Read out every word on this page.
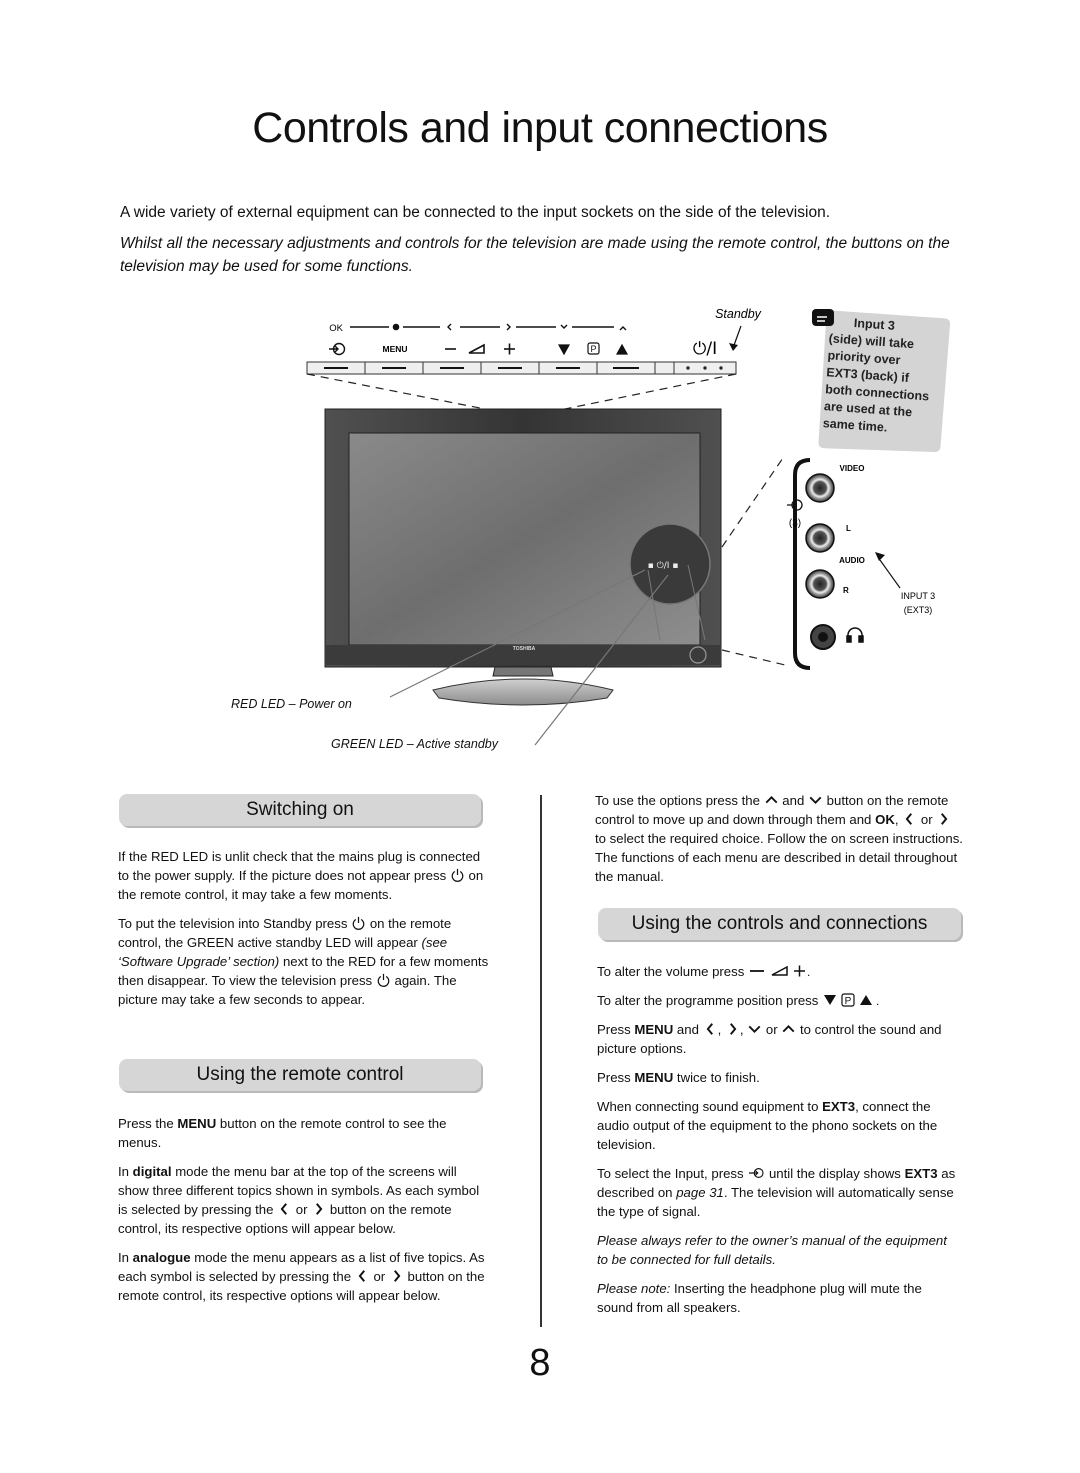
Controls and input connections
A wide variety of external equipment can be connected to the input sockets on the side of the television.
Whilst all the necessary adjustments and controls for the television are made using the remote control, the buttons on the television may be used for some functions.
OK
MENU	P	⏻/I
Standby
TOSHIBA
▪ ⏻/I ▪
VIDEO
L
AUDIO
R
(3)
INPUT 3
(EXT3)
Input 3
(side) will take
priority over
EXT3 (back) if
both connections
are used at the
same time.
RED LED – Power on
GREEN LED – Active standby
Switching on

If the RED LED is unlit check that the mains plug is connected to the power supply. If the picture does not appear press on the remote control, it may take a few moments.

To put the television into Standby press on the remote control, the GREEN active standby LED will appear (see ‘Software Upgrade’ section) next to the RED for a few moments then disappear. To view the television press again. The picture may take a few seconds to appear.

Using the remote control

Press the MENU button on the remote control to see the menus.

In digital mode the menu bar at the top of the screens will show three different topics shown in symbols. As each symbol is selected by pressing the or button on the remote control, its respective options will appear below.

In analogue mode the menu appears as a list of five topics. As each symbol is selected by pressing the or button on the remote control, its respective options will appear below.

To use the options press the and button on the remote control to move up and down through them and OK, or  to select the required choice. Follow the on screen instructions. The functions of each menu are described in detail throughout the manual.

Using the controls and connections

To alter the volume press	.

To alter the programme position press	P .

Press MENU and , ,  or to control the sound and picture options.

Press MENU twice to finish.

When connecting sound equipment to EXT3, connect the audio output of the equipment to the phono sockets on the television.

To select the Input, press until the display shows EXT3 as described on page 31. The television will automatically sense the type of signal.

Please always refer to the owner’s manual of the equipment to be connected for full details.

Please note: Inserting the headphone plug will mute the sound from all speakers.

8
